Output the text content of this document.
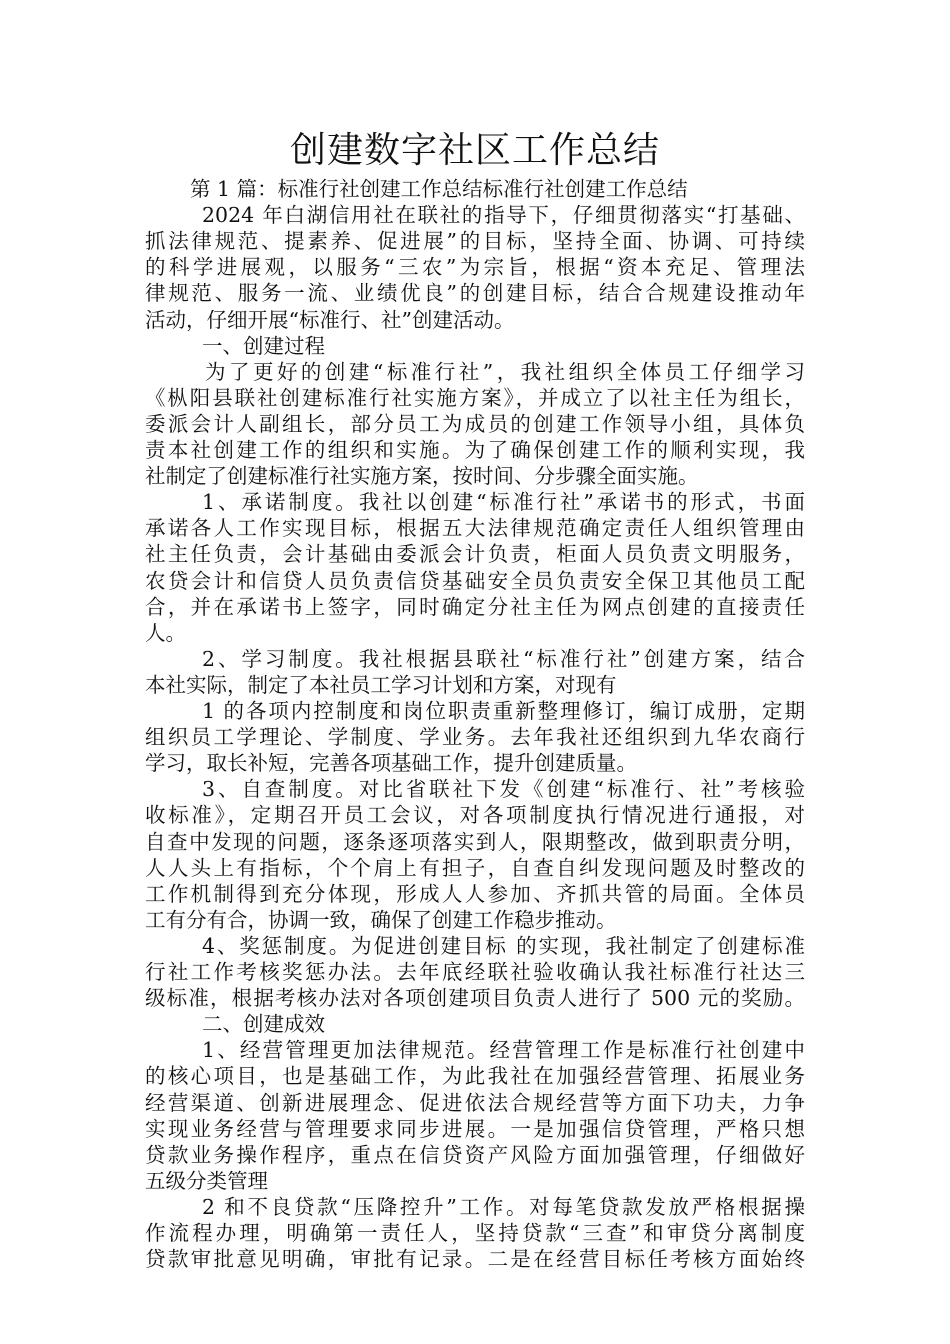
创建数字社区工作总结
第 1 篇：标准行社创建工作总结标准行社创建工作总结
2024 年白湖信用社在联社的指导下，仔细贯彻落实“打基础、
抓法律规范、提素养、促进展”的目标，坚持全面、协调、可持续
的科学进展观，以服务“三农”为宗旨，根据“资本充足、管理法
律规范、服务一流、业绩优良”的创建目标，结合合规建设推动年
活动，仔细开展“标准行、社”创建活动。
一、创建过程
为了更好的创建“标准行社”，我社组织全体员工仔细学习
《枞阳县联社创建标准行社实施方案》，并成立了以社主任为组长，
委派会计人副组长，部分员工为成员的创建工作领导小组，具体负
责本社创建工作的组织和实施。为了确保创建工作的顺利实现，我
社制定了创建标准行社实施方案，按时间、分步骤全面实施。
1、承诺制度。我社以创建“标准行社”承诺书的形式，书面
承诺各人工作实现目标，根据五大法律规范确定责任人组织管理由
社主任负责，会计基础由委派会计负责，柜面人员负责文明服务，
农贷会计和信贷人员负责信贷基础安全员负责安全保卫其他员工配
合，并在承诺书上签字，同时确定分社主任为网点创建的直接责任
人。
2、学习制度。我社根据县联社“标准行社”创建方案，结合
本社实际，制定了本社员工学习计划和方案，对现有
1 的各项内控制度和岗位职责重新整理修订，编订成册，定期
组织员工学理论、学制度、学业务。去年我社还组织到九华农商行
学习，取长补短，完善各项基础工作，提升创建质量。
3、自查制度。对比省联社下发《创建“标准行、社”考核验
收标准》，定期召开员工会议，对各项制度执行情况进行通报，对
自查中发现的问题，逐条逐项落实到人，限期整改，做到职责分明，
人人头上有指标，个个肩上有担子，自查自纠发现问题及时整改的
工作机制得到充分体现，形成人人参加、齐抓共管的局面。全体员
工有分有合，协调一致，确保了创建工作稳步推动。
4、奖惩制度。为促进创建目标 的实现，我社制定了创建标准
行社工作考核奖惩办法。去年底经联社验收确认我社标准行社达三
级标准，根据考核办法对各项创建项目负责人进行了 500 元的奖励。
二、创建成效
1、经营管理更加法律规范。经营管理工作是标准行社创建中
的核心项目，也是基础工作，为此我社在加强经营管理、拓展业务
经营渠道、创新进展理念、促进依法合规经营等方面下功夫，力争
实现业务经营与管理要求同步进展。一是加强信贷管理，严格只想
贷款业务操作程序，重点在信贷资产风险方面加强管理，仔细做好
五级分类管理
2 和不良贷款“压降控升”工作。对每笔贷款发放严格根据操
作流程办理，明确第一责任人，坚持贷款“三查”和审贷分离制度
贷款审批意见明确，审批有记录。二是在经营目标任考核方面始终
